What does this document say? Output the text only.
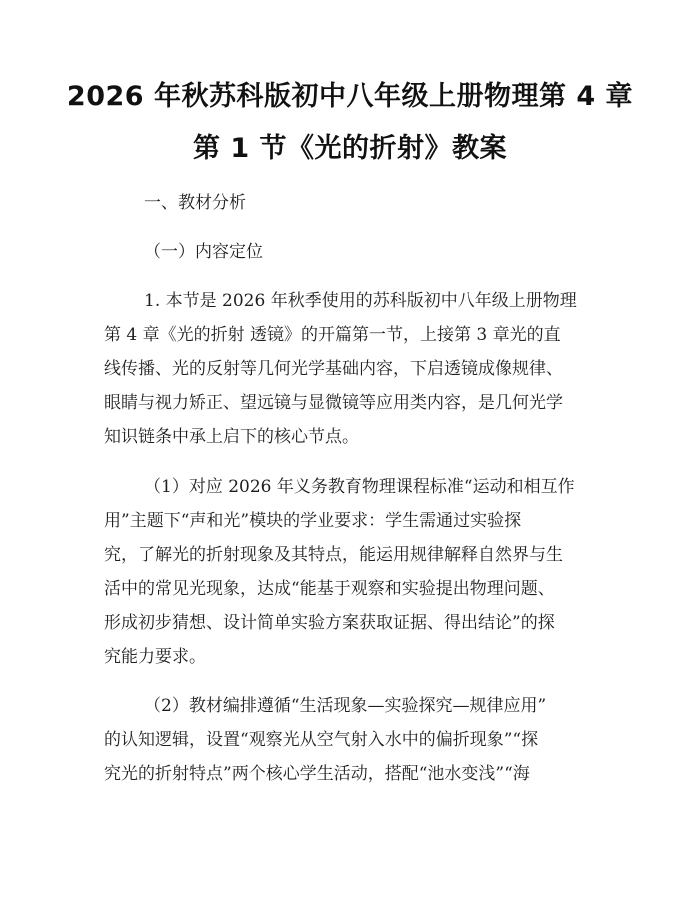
2026 年秋苏科版初中八年级上册物理第 4 章
第 1 节《光的折射》教案
一、教材分析
（一）内容定位
1. 本节是 2026 年秋季使用的苏科版初中八年级上册物理
第 4 章《光的折射 透镜》的开篇第一节，上接第 3 章光的直
线传播、光的反射等几何光学基础内容，下启透镜成像规律、
眼睛与视力矫正、望远镜与显微镜等应用类内容，是几何光学
知识链条中承上启下的核心节点。
（1）对应 2026 年义务教育物理课程标准“运动和相互作
用”主题下“声和光”模块的学业要求：学生需通过实验探
究，了解光的折射现象及其特点，能运用规律解释自然界与生
活中的常见光现象，达成“能基于观察和实验提出物理问题、
形成初步猜想、设计简单实验方案获取证据、得出结论”的探
究能力要求。
（2）教材编排遵循“生活现象—实验探究—规律应用”
的认知逻辑，设置“观察光从空气射入水中的偏折现象”“探
究光的折射特点”两个核心学生活动，搭配“池水变浅”“海
